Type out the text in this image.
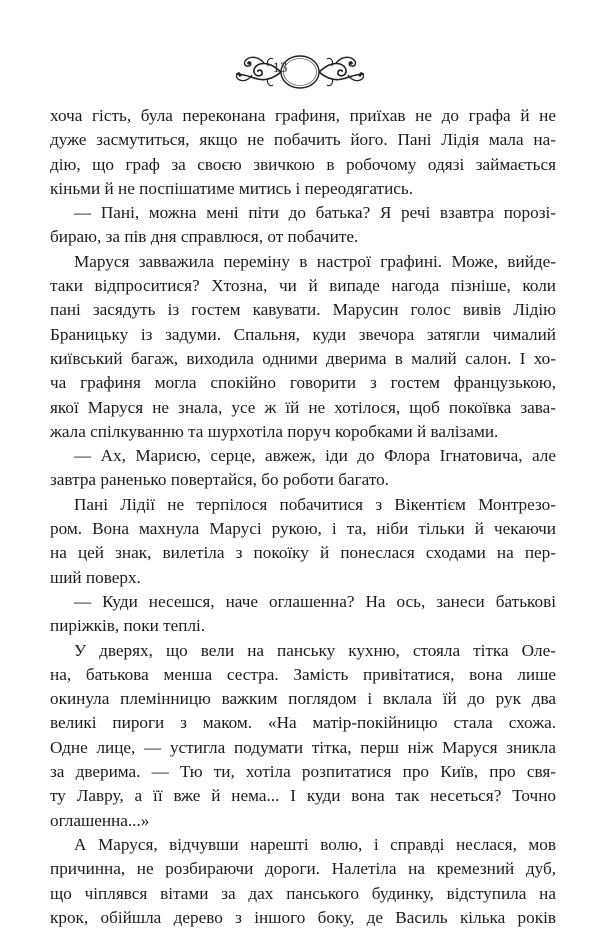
13
хоча гість, була переконана графиня, приїхав не до графа й не
дуже засмутиться, якщо не побачить його. Пані Лідія мала на-
дію, що граф за своєю звичкою в робочому одязі займається
кіньми й не поспішатиме митись і переодягатись.
— Пані, можна мені піти до батька? Я речі взавтра порозі-
бираю, за пів дня справлюся, от побачите.
Маруся завважила переміну в настрої графині. Може, вийде-
таки відпроситися? Хтозна, чи й випаде нагода пізніше, коли
пані засядуть із гостем кавувати. Марусин голос вивів Лідію
Браницьку із задуми. Спальня, куди звечора затягли чималий
київський багаж, виходила одними дверима в малий салон. І хо-
ча графиня могла спокійно говорити з гостем французькою,
якої Маруся не знала, усе ж їй не хотілося, щоб покоївка зава-
жала спілкуванню та шурхотіла поруч коробками й валізами.
— Ах, Марисю, серце, авжеж, іди до Флора Ігнатовича, але
завтра раненько повертайся, бо роботи багато.
Пані Лідії не терпілося побачитися з Вікентієм Монтрезо-
ром. Вона махнула Марусі рукою, і та, ніби тільки й чекаючи
на цей знак, вилетіла з покоїку й понеслася сходами на пер-
ший поверх.
— Куди несешся, наче оглашенна? На ось, занеси батькові
пиріжків, поки теплі.
У дверях, що вели на панську кухню, стояла тітка Оле-
на, батькова менша сестра. Замість привітатися, вона лише
окинула племінницю важким поглядом і вклала їй до рук два
великі пироги з маком. «На матір-покійницю стала схожа.
Одне лице, — устигла подумати тітка, перш ніж Маруся зникла
за дверима. — Тю ти, хотіла розпитатися про Київ, про свя-
ту Лавру, а її вже й нема... І куди вона так несеться? Точно
оглашенна...»
А Маруся, відчувши нарешті волю, і справді неслася, мов
причинна, не розбираючи дороги. Налетіла на кремезний дуб,
що чіплявся вітами за дах панського будинку, відступила на
крок, обійшла дерево з іншого боку, де Василь кілька років
